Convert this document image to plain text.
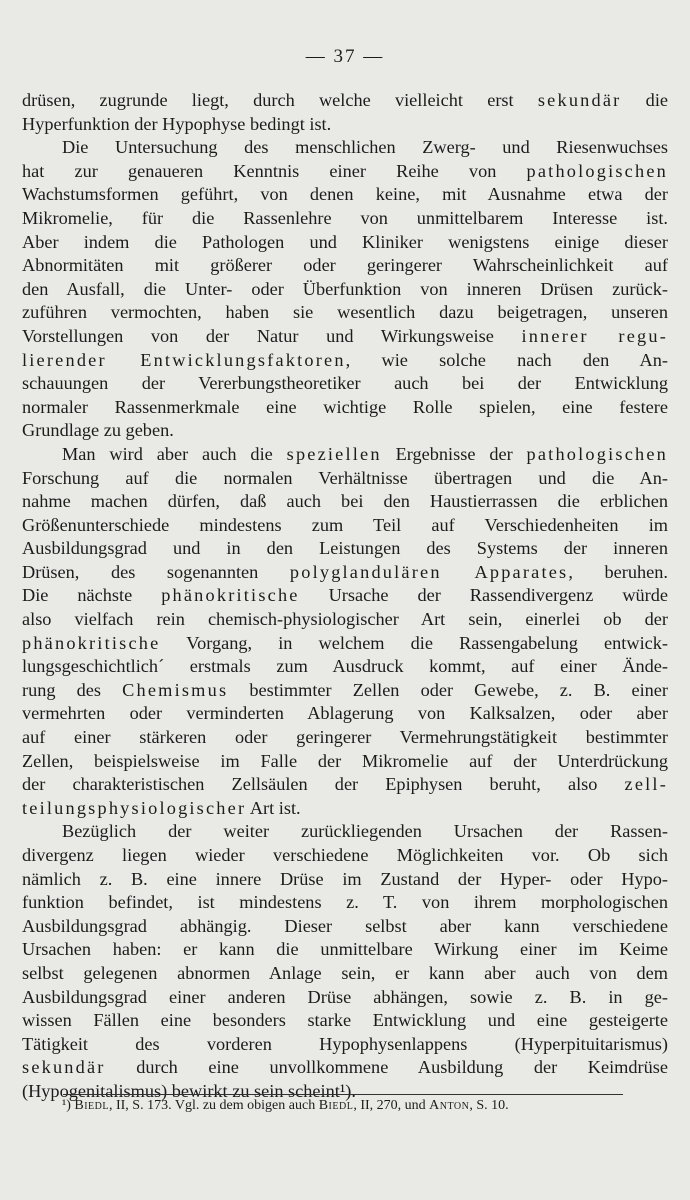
— 37 —

drüsen, zugrunde liegt, durch welche vielleicht erst sekundär die
Hyperfunktion der Hypophyse bedingt ist.

Die Untersuchung des menschlichen Zwerg- und Riesenwuchses
hat zur genaueren Kenntnis einer Reihe von pathologischen
Wachstumsformen geführt, von denen keine, mit Ausnahme etwa der
Mikromelie, für die Rassenlehre von unmittelbarem Interesse ist.
Aber indem die Pathologen und Kliniker wenigstens einige dieser
Abnormitäten mit größerer oder geringerer Wahrscheinlichkeit auf
den Ausfall, die Unter- oder Überfunktion von inneren Drüsen zurück-
zuführen vermochten, haben sie wesentlich dazu beigetragen, unseren
Vorstellungen von der Natur und Wirkungsweise innerer regu-
lierender Entwicklungsfaktoren, wie solche nach den An-
schauungen der Vererbungstheoretiker auch bei der Entwicklung
normaler Rassenmerkmale eine wichtige Rolle spielen, eine festere
Grundlage zu geben.

Man wird aber auch die speziellen Ergebnisse der pathologischen
Forschung auf die normalen Verhältnisse übertragen und die An-
nahme machen dürfen, daß auch bei den Haustierrassen die erblichen
Größenunterschiede mindestens zum Teil auf Verschiedenheiten im
Ausbildungsgrad und in den Leistungen des Systems der inneren
Drüsen, des sogenannten polyglandulären Apparates, beruhen.
Die nächste phänokritische Ursache der Rassendivergenz würde
also vielfach rein chemisch-physiologischer Art sein, einerlei ob der
phänokritische Vorgang, in welchem die Rassengabelung entwick-
lungsgeschichtlich´ erstmals zum Ausdruck kommt, auf einer Ände-
rung des Chemismus bestimmter Zellen oder Gewebe, z. B. einer
vermehrten oder verminderten Ablagerung von Kalksalzen, oder aber
auf einer stärkeren oder geringerer Vermehrungstätigkeit bestimmter
Zellen, beispielsweise im Falle der Mikromelie auf der Unterdrückung
der charakteristischen Zellsäulen der Epiphysen beruht, also zell-
teilungsphysiologischer Art ist.

Bezüglich der weiter zurückliegenden Ursachen der Rassen-
divergenz liegen wieder verschiedene Möglichkeiten vor. Ob sich
nämlich z. B. eine innere Drüse im Zustand der Hyper- oder Hypo-
funktion befindet, ist mindestens z. T. von ihrem morphologischen
Ausbildungsgrad abhängig. Dieser selbst aber kann verschiedene
Ursachen haben: er kann die unmittelbare Wirkung einer im Keime
selbst gelegenen abnormen Anlage sein, er kann aber auch von dem
Ausbildungsgrad einer anderen Drüse abhängen, sowie z. B. in ge-
wissen Fällen eine besonders starke Entwicklung und eine gesteigerte
Tätigkeit des vorderen Hypophysenlappens (Hyperpituitarismus)
sekundär durch eine unvollkommene Ausbildung der Keimdrüse
(Hypogenitalismus) bewirkt zu sein scheint¹).

¹) Biedl, II, S. 173. Vgl. zu dem obigen auch Biedl, II, 270, und Anton, S. 10.
